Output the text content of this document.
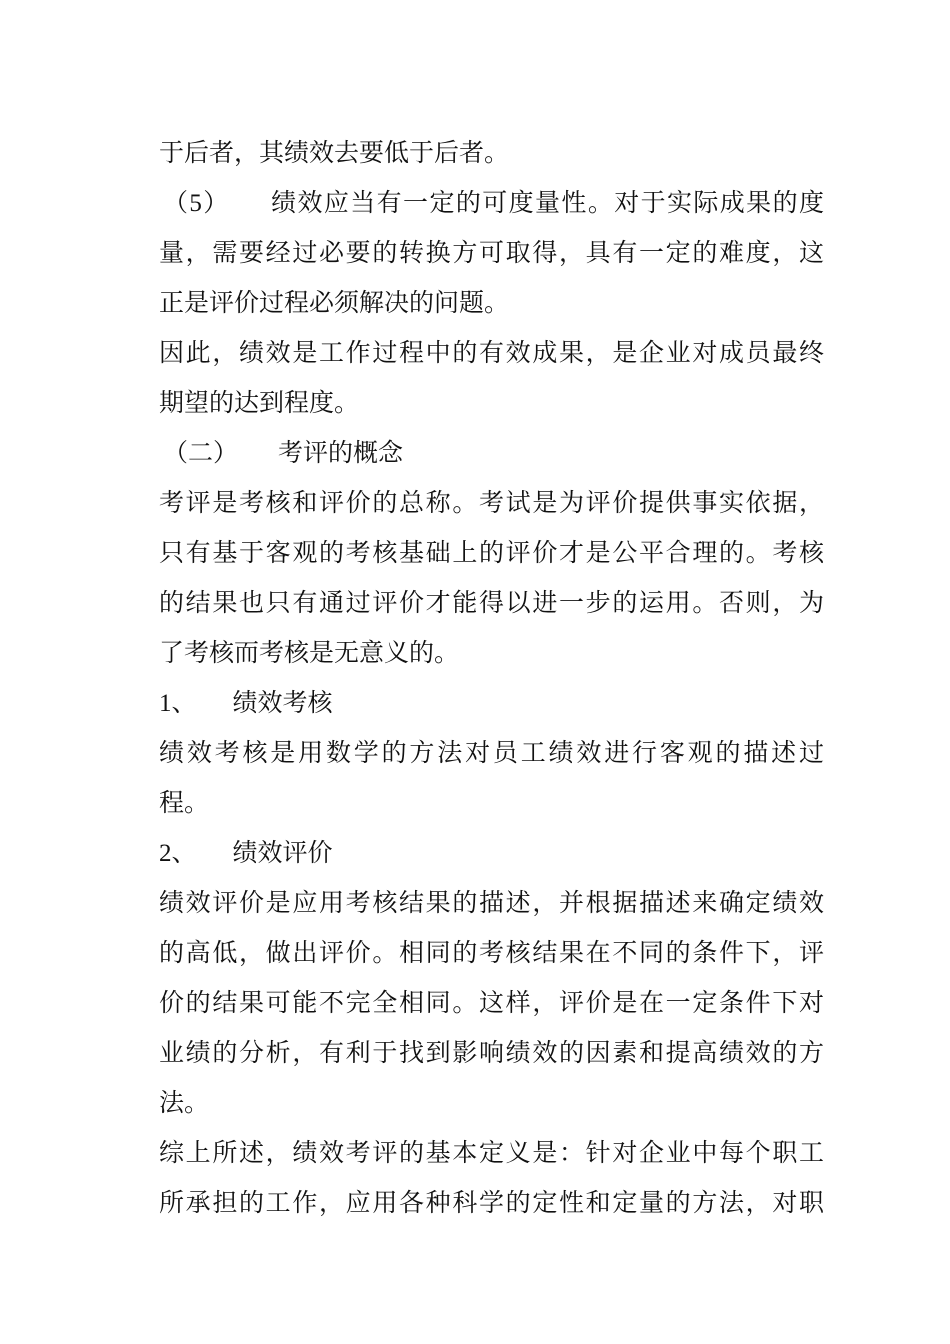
于后者，其绩效去要低于后者。
（5） 绩效应当有一定的可度量性。对于实际成果的度
量，需要经过必要的转换方可取得，具有一定的难度，这
正是评价过程必须解决的问题。
因此，绩效是工作过程中的有效成果，是企业对成员最终
期望的达到程度。
（二） 考评的概念
考评是考核和评价的总称。考试是为评价提供事实依据，
只有基于客观的考核基础上的评价才是公平合理的。考核
的结果也只有通过评价才能得以进一步的运用。否则，为
了考核而考核是无意义的。
1、 绩效考核
绩效考核是用数学的方法对员工绩效进行客观的描述过
程。
2、 绩效评价
绩效评价是应用考核结果的描述，并根据描述来确定绩效
的高低，做出评价。相同的考核结果在不同的条件下，评
价的结果可能不完全相同。这样，评价是在一定条件下对
业绩的分析，有利于找到影响绩效的因素和提高绩效的方
法。
综上所述，绩效考评的基本定义是：针对企业中每个职工
所承担的工作，应用各种科学的定性和定量的方法，对职
